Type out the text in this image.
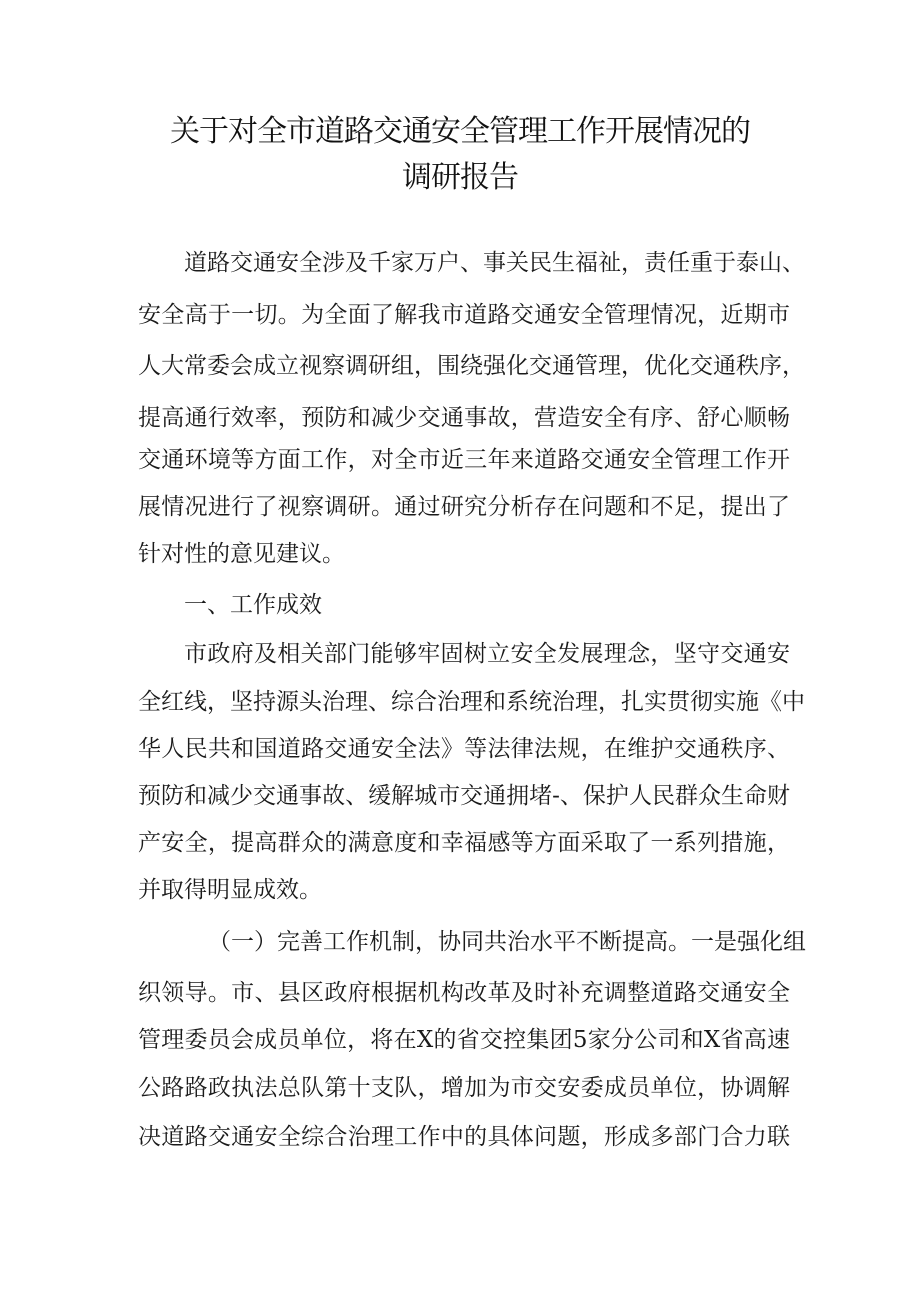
关于对全市道路交通安全管理工作开展情况的
调研报告
道路交通安全涉及千家万户、事关民生福祉，责任重于泰山、
安全高于一切。为全面了解我市道路交通安全管理情况，近期市
人大常委会成立视察调研组，围绕强化交通管理，优化交通秩序，
提高通行效率，预防和减少交通事故，营造安全有序、舒心顺畅
交通环境等方面工作，对全市近三年来道路交通安全管理工作开
展情况进行了视察调研。通过研究分析存在问题和不足，提出了
针对性的意见建议。
一、工作成效
市政府及相关部门能够牢固树立安全发展理念，坚守交通安
全红线，坚持源头治理、综合治理和系统治理，扎实贯彻实施《中
华人民共和国道路交通安全法》等法律法规，在维护交通秩序、
预防和减少交通事故、缓解城市交通拥堵-、保护人民群众生命财
产安全，提高群众的满意度和幸福感等方面采取了一系列措施，
并取得明显成效。
（一）完善工作机制，协同共治水平不断提高。一是强化组
织领导。市、县区政府根据机构改革及时补充调整道路交通安全
管理委员会成员单位，将在X的省交控集团5家分公司和X省高速
公路路政执法总队第十支队，增加为市交安委成员单位，协调解
决道路交通安全综合治理工作中的具体问题，形成多部门合力联
